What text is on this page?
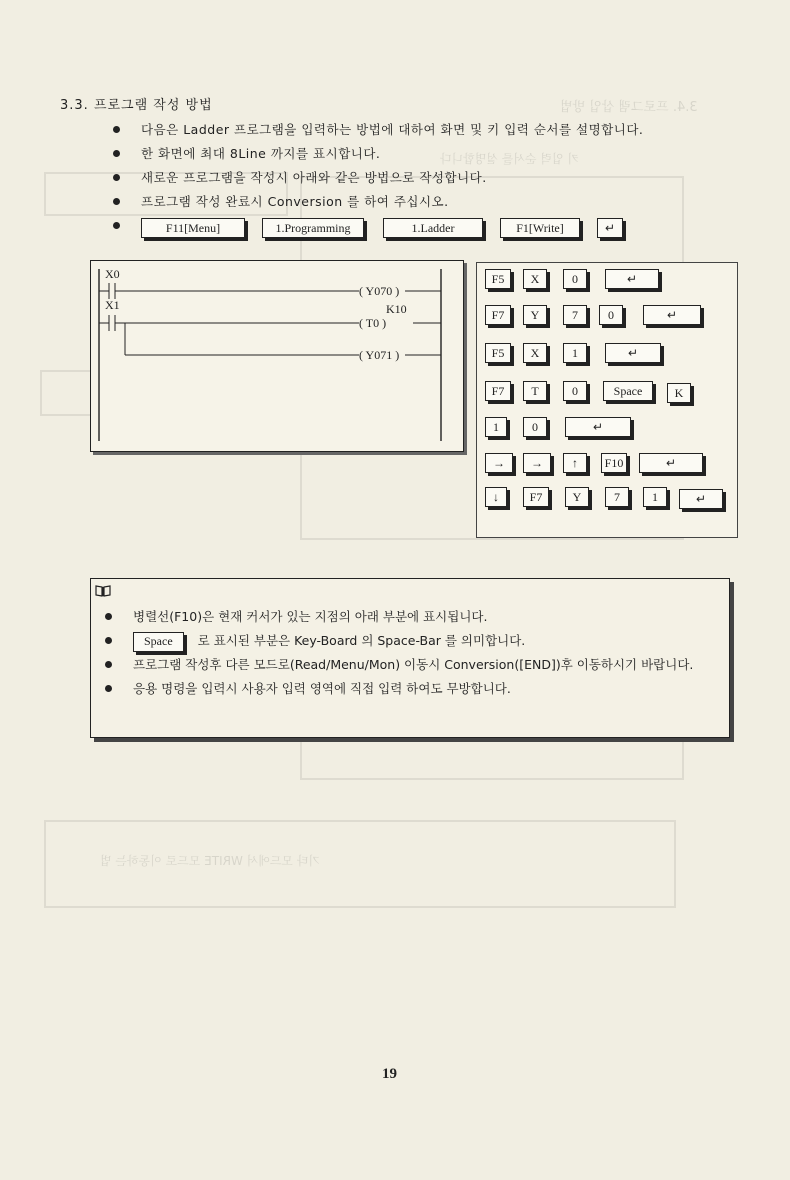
3.4. 프로그램 삽입 방법
키 입력 순서를 설명합니다
기타 모드에서 WRITE 모드로 이동하는 법
3.3. 프로그램 작성 방법
다음은 Ladder 프로그램을 입력하는 방법에 대하여 화면 및 키 입력 순서를 설명합니다.
한 화면에 최대 8Line 까지를 표시합니다.
새로운 프로그램을 작성시 아래와 같은 방법으로 작성합니다.
프로그램 작성 완료시 Conversion 를 하여 주십시오.
F11[Menu]	1.Programming	1.Ladder	F1[Write]	↵
X0
X1	K10
( Y070 )
( T0 )
( Y071 )
F5	X	0	↵
F7	Y	7	0	↵
F5	X	1	↵
F7	T	0	Space	K
1	0	↵
→	→	↑	F10	↵
↓	F7	Y	7	1	↵
병렬선(F10)은 현재 커서가 있는 지점의 아래 부분에 표시됩니다.
Space 로 표시된 부분은 Key-Board 의 Space-Bar 를 의미합니다.
프로그램 작성후 다른 모드로(Read/Menu/Mon) 이동시 Conversion([END])후 이동하시기 바랍니다.
응용 명령을 입력시 사용자 입력 영역에 직접 입력 하여도 무방합니다.
19
